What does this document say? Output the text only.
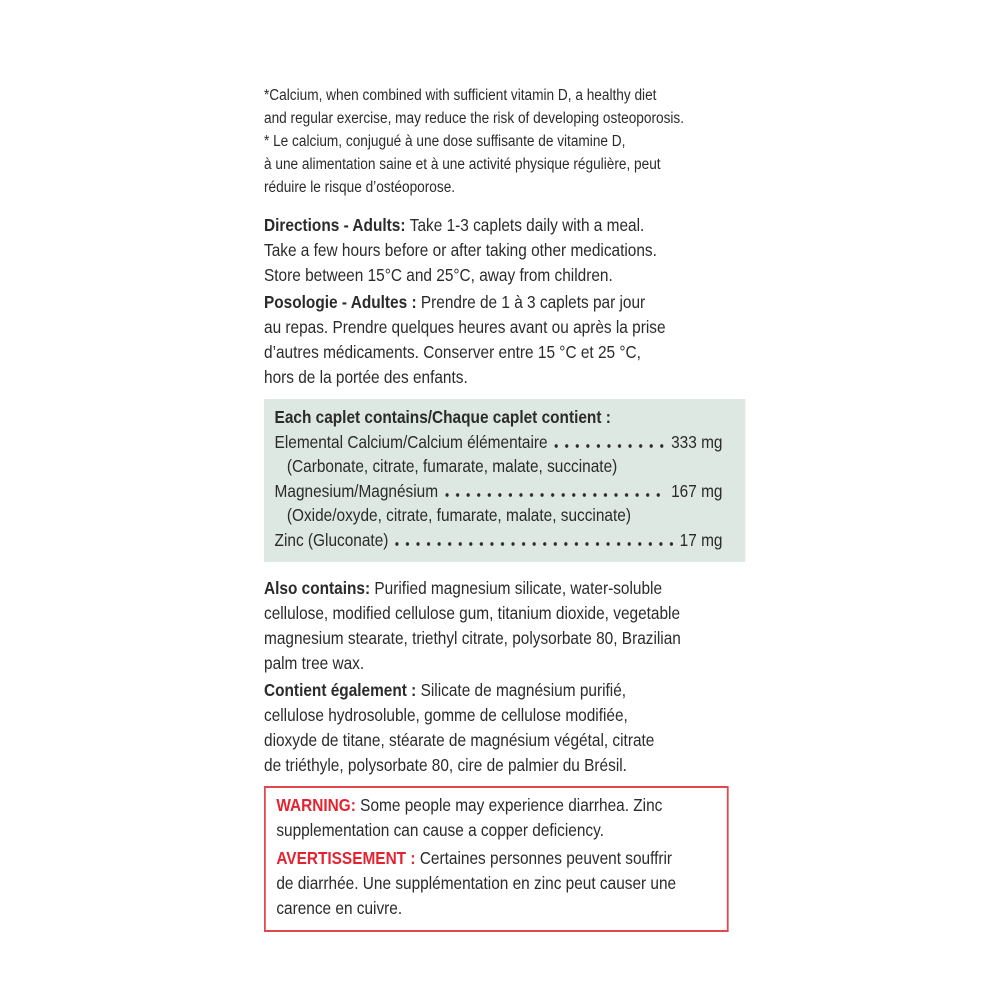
*Calcium, when combined with sufficient vitamin D, a healthy diet
and regular exercise, may reduce the risk of developing osteoporosis.
* Le calcium, conjugué à une dose suffisante de vitamine D,
à une alimentation saine et à une activité physique régulière, peut
réduire le risque d’ostéoporose.
Directions - Adults: Take 1-3 caplets daily with a meal.
Take a few hours before or after taking other medications.
Store between 15°C and 25°C, away from children.
Posologie - Adultes : Prendre de 1 à 3 caplets par jour
au repas. Prendre quelques heures avant ou après la prise
d’autres médicaments. Conserver entre 15 °C et 25 °C,
hors de la portée des enfants.
Each caplet contains/Chaque caplet contient :
Elemental Calcium/Calcium élémentaire	333 mg
(Carbonate, citrate, fumarate, malate, succinate)
Magnesium/Magnésium	167 mg
(Oxide/oxyde, citrate, fumarate, malate, succinate)
Zinc (Gluconate)	17 mg
Also contains: Purified magnesium silicate, water-soluble
cellulose, modified cellulose gum, titanium dioxide, vegetable
magnesium stearate, triethyl citrate, polysorbate 80, Brazilian
palm tree wax.
Contient également : Silicate de magnésium purifié,
cellulose hydrosoluble, gomme de cellulose modifiée,
dioxyde de titane, stéarate de magnésium végétal, citrate
de triéthyle, polysorbate 80, cire de palmier du Brésil.
WARNING: Some people may experience diarrhea. Zinc
supplementation can cause a copper deficiency.
AVERTISSEMENT : Certaines personnes peuvent souffrir
de diarrhée. Une supplémentation en zinc peut causer une
carence en cuivre.
